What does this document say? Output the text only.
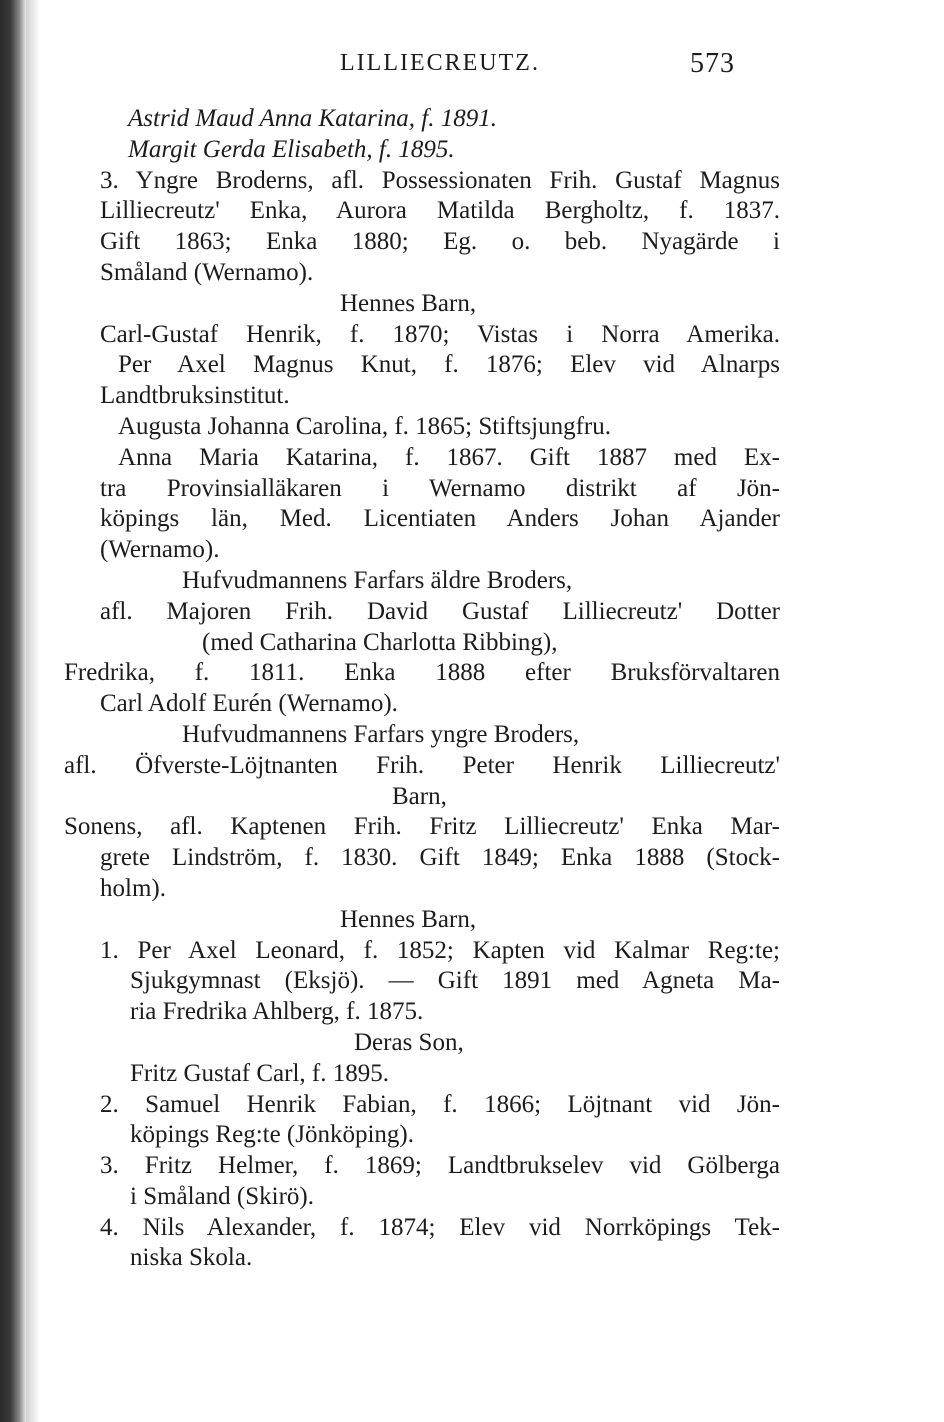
LILLIECREUTZ.	573
Astrid Maud Anna Katarina, f. 1891.
Margit Gerda Elisabeth, f. 1895.
3. Yngre Broderns, afl. Possessionaten Frih. Gustaf Magnus
Lilliecreutz' Enka, Aurora Matilda Bergholtz, f. 1837.
Gift 1863; Enka 1880; Eg. o. beb. Nyagärde i
Småland (Wernamo).
Hennes Barn,
Carl-Gustaf Henrik, f. 1870; Vistas i Norra Amerika.
Per Axel Magnus Knut, f. 1876; Elev vid Alnarps
Landtbruksinstitut.
Augusta Johanna Carolina, f. 1865; Stiftsjungfru.
Anna Maria Katarina, f. 1867. Gift 1887 med Ex-
tra Provinsialläkaren i Wernamo distrikt af Jön-
köpings län, Med. Licentiaten Anders Johan Ajander
(Wernamo).
Hufvudmannens Farfars äldre Broders,
afl. Majoren Frih. David Gustaf Lilliecreutz' Dotter
(med Catharina Charlotta Ribbing),
Fredrika, f. 1811. Enka 1888 efter Bruksförvaltaren
Carl Adolf Eurén (Wernamo).
Hufvudmannens Farfars yngre Broders,
afl. Öfverste-Löjtnanten Frih. Peter Henrik Lilliecreutz'
Barn,
Sonens, afl. Kaptenen Frih. Fritz Lilliecreutz' Enka Mar-
grete Lindström, f. 1830. Gift 1849; Enka 1888 (Stock-
holm).
Hennes Barn,
1. Per Axel Leonard, f. 1852; Kapten vid Kalmar Reg:te;
Sjukgymnast (Eksjö). — Gift 1891 med Agneta Ma-
ria Fredrika Ahlberg, f. 1875.
Deras Son,
Fritz Gustaf Carl, f. 1895.
2. Samuel Henrik Fabian, f. 1866; Löjtnant vid Jön-
köpings Reg:te (Jönköping).
3. Fritz Helmer, f. 1869; Landtbrukselev vid Gölberga
i Småland (Skirö).
4. Nils Alexander, f. 1874; Elev vid Norrköpings Tek-
niska Skola.
